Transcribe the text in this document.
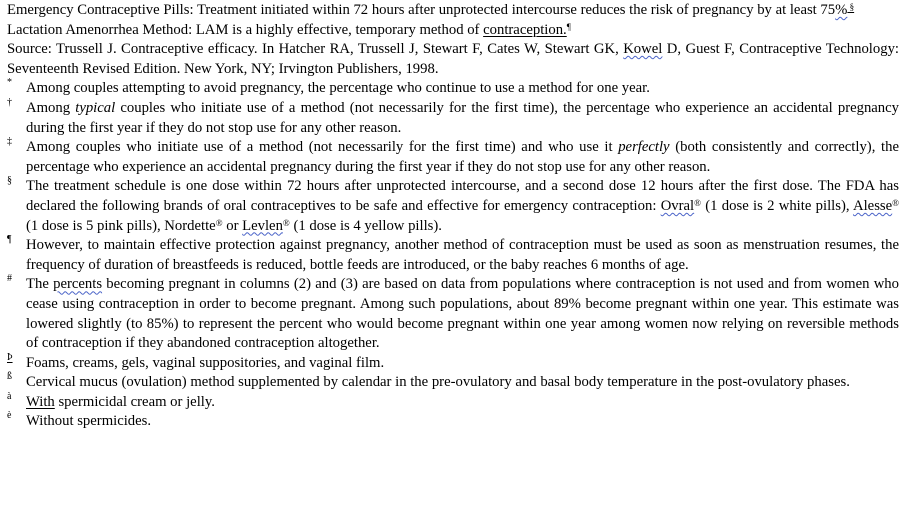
Emergency Contraceptive Pills: Treatment initiated within 72 hours after unprotected intercourse reduces the risk of pregnancy by at least 75% §

Lactation Amenorrhea Method: LAM is a highly effective, temporary method of contraception.¶

Source: Trussell J. Contraceptive efficacy. In Hatcher RA, Trussell J, Stewart F, Cates W, Stewart GK, Kowel D, Guest F, Contraceptive Technology: Seventeenth Revised Edition. New York, NY; Irvington Publishers, 1998.

* Among couples attempting to avoid pregnancy, the percentage who continue to use a method for one year.
† Among typical couples who initiate use of a method (not necessarily for the first time), the percentage who experience an accidental pregnancy during the first year if they do not stop use for any other reason.
‡ Among couples who initiate use of a method (not necessarily for the first time) and who use it perfectly (both consistently and correctly), the percentage who experience an accidental pregnancy during the first year if they do not stop use for any other reason.
§ The treatment schedule is one dose within 72 hours after unprotected intercourse, and a second dose 12 hours after the first dose. The FDA has declared the following brands of oral contraceptives to be safe and effective for emergency contraception: Ovral® (1 dose is 2 white pills), Alesse® (1 dose is 5 pink pills), Nordette® or Levlen® (1 dose is 4 yellow pills).
¶ However, to maintain effective protection against pregnancy, another method of contraception must be used as soon as menstruation resumes, the frequency of duration of breastfeeds is reduced, bottle feeds are introduced, or the baby reaches 6 months of age.
# The percents becoming pregnant in columns (2) and (3) are based on data from populations where contraception is not used and from women who cease using contraception in order to become pregnant. Among such populations, about 89% become pregnant within one year. This estimate was lowered slightly (to 85%) to represent the percent who would become pregnant within one year among women now relying on reversible methods of contraception if they abandoned contraception altogether.
Þ Foams, creams, gels, vaginal suppositories, and vaginal film.
ß Cervical mucus (ovulation) method supplemented by calendar in the pre-ovulatory and basal body temperature in the post-ovulatory phases.
à With spermicidal cream or jelly.
è Without spermicides.
